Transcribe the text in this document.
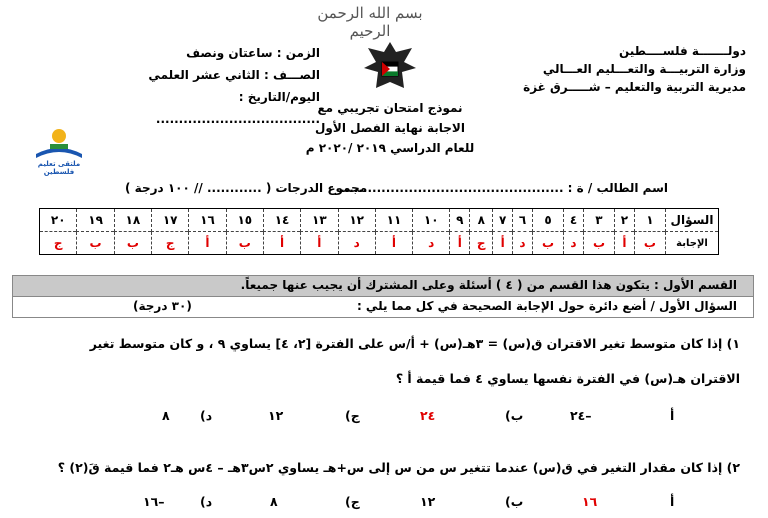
بسم الله الرحمن الرحيم
دولـــــــة فلســــطين
وزارة التربيـــة والتعـــليم العـــالي
مديرية التربية والتعليم – شـــــرق غزة
الزمن : ساعتان ونصف
الصـــف : الثاني عشر العلمي
اليوم/التاريخ : ....................................
نموذج امتحان تجريبي مع
الاجابة نهاية الفصل الأول
للعام الدراسي ٢٠١٩ /٢٠٢٠ م
ملتقى تعليم فلسطين
اسم الطالب / ة : .................................................
مجموع الدرجات ( ............ // ١٠٠ درجة )
السؤال	١	٢	٣	٤	٥	٦	٧	٨	٩	١٠	١١	١٢	١٣	١٤	١٥	١٦	١٧	١٨	١٩	٢٠
الإجابة	ب	أ	ب	د	ب	د	أ	ج	أ	د	أ	د	أ	أ	ب	أ	ج	ب	ب	ج
القسم الأول : يتكون هذا القسم من ( ٤ ) أسئلة وعلى المشترك أن يجيب عنها جميعاً.
السؤال الأول / أضع دائرة حول الإجابة الصحيحة في كل مما يلي :
(٣٠ درجة)
١) إذا كان متوسط تغير الاقتران ق(س) = ٣هـ(س) + أ/س على الفترة [٢، ٤] يساوي ٩ ، و كان متوسط تغير
الاقتران هـ(س) في الفترة نفسها يساوي ٤ فما قيمة أ ؟
أ
–٢٤
ب)
٢٤
ج)
١٢
د)
٨
٢) إذا كان مقدار التغير في ق(س) عندما تتغير س من س إلى س+هـ يساوي ٢س٣هـ – ٤س هـ٢ فما قيمة قَ(٢) ؟
أ
١٦
ب)
١٢
ج)
٨
د)
–١٦
